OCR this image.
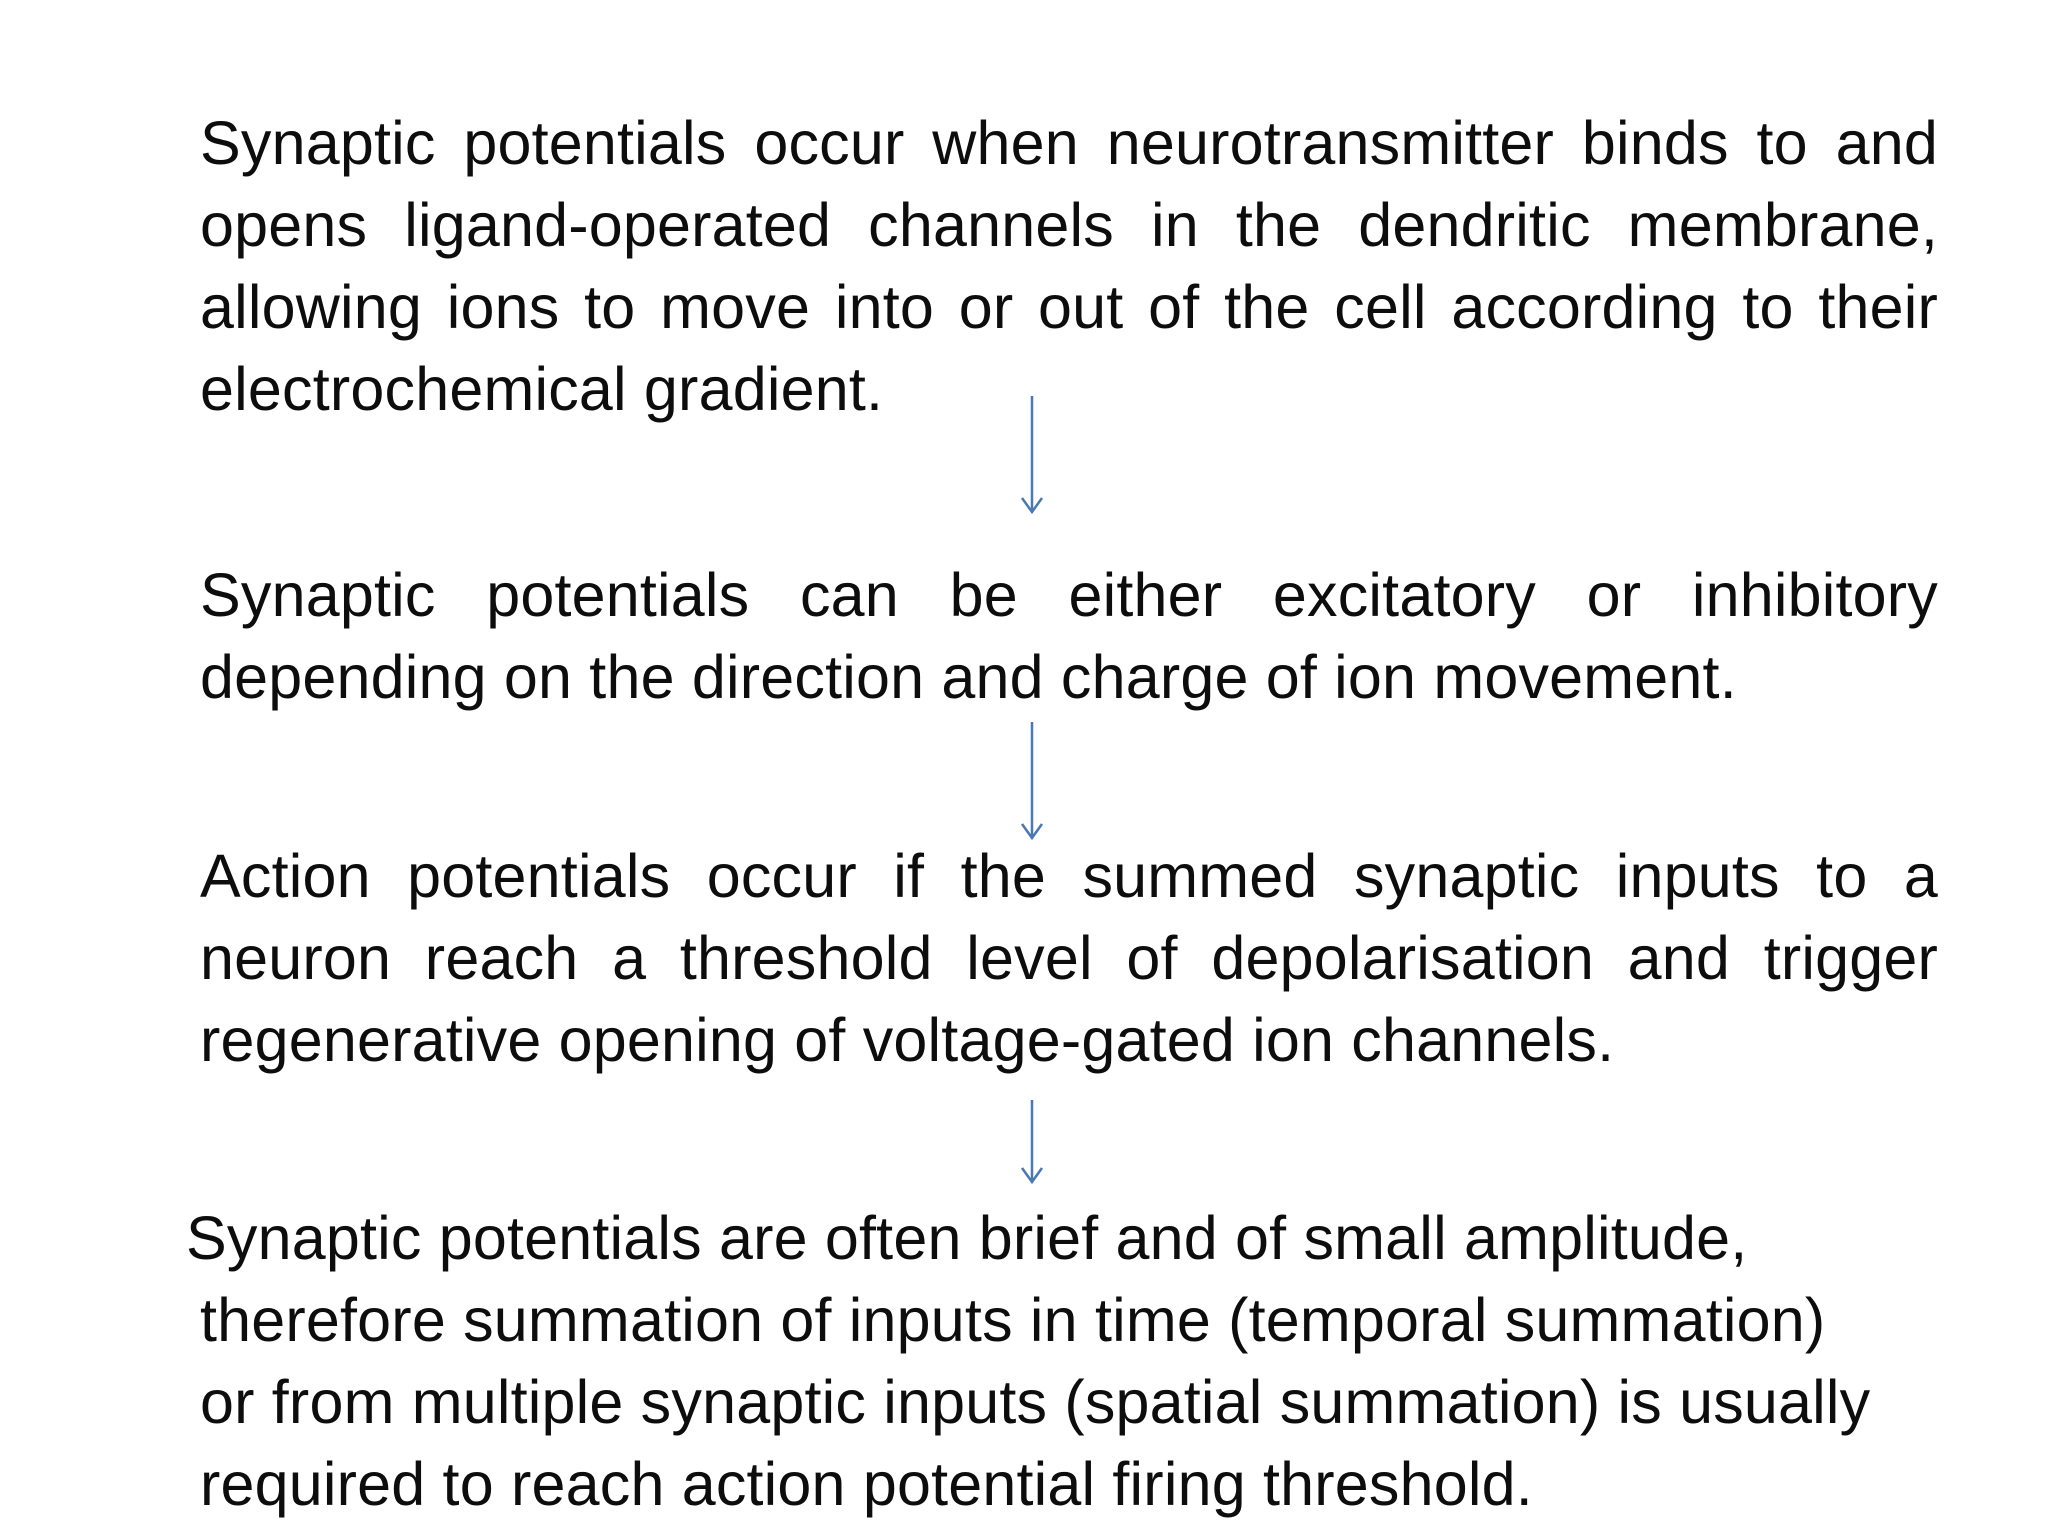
Synaptic potentials occur when neurotransmitter binds to and opens ligand-operated channels in the dendritic membrane, allowing ions to move into or out of the cell according to their electrochemical gradient.
Synaptic potentials can be either excitatory or inhibitory depending on the direction and charge of ion movement.
Action potentials occur if the summed synaptic inputs to a neuron reach a threshold level of depolarisation and trigger regenerative opening of voltage-gated ion channels.
Synaptic potentials are often brief and of small amplitude,
therefore summation of inputs in time (temporal summation)
or from multiple synaptic inputs (spatial summation) is usually
required to reach action potential firing threshold.
